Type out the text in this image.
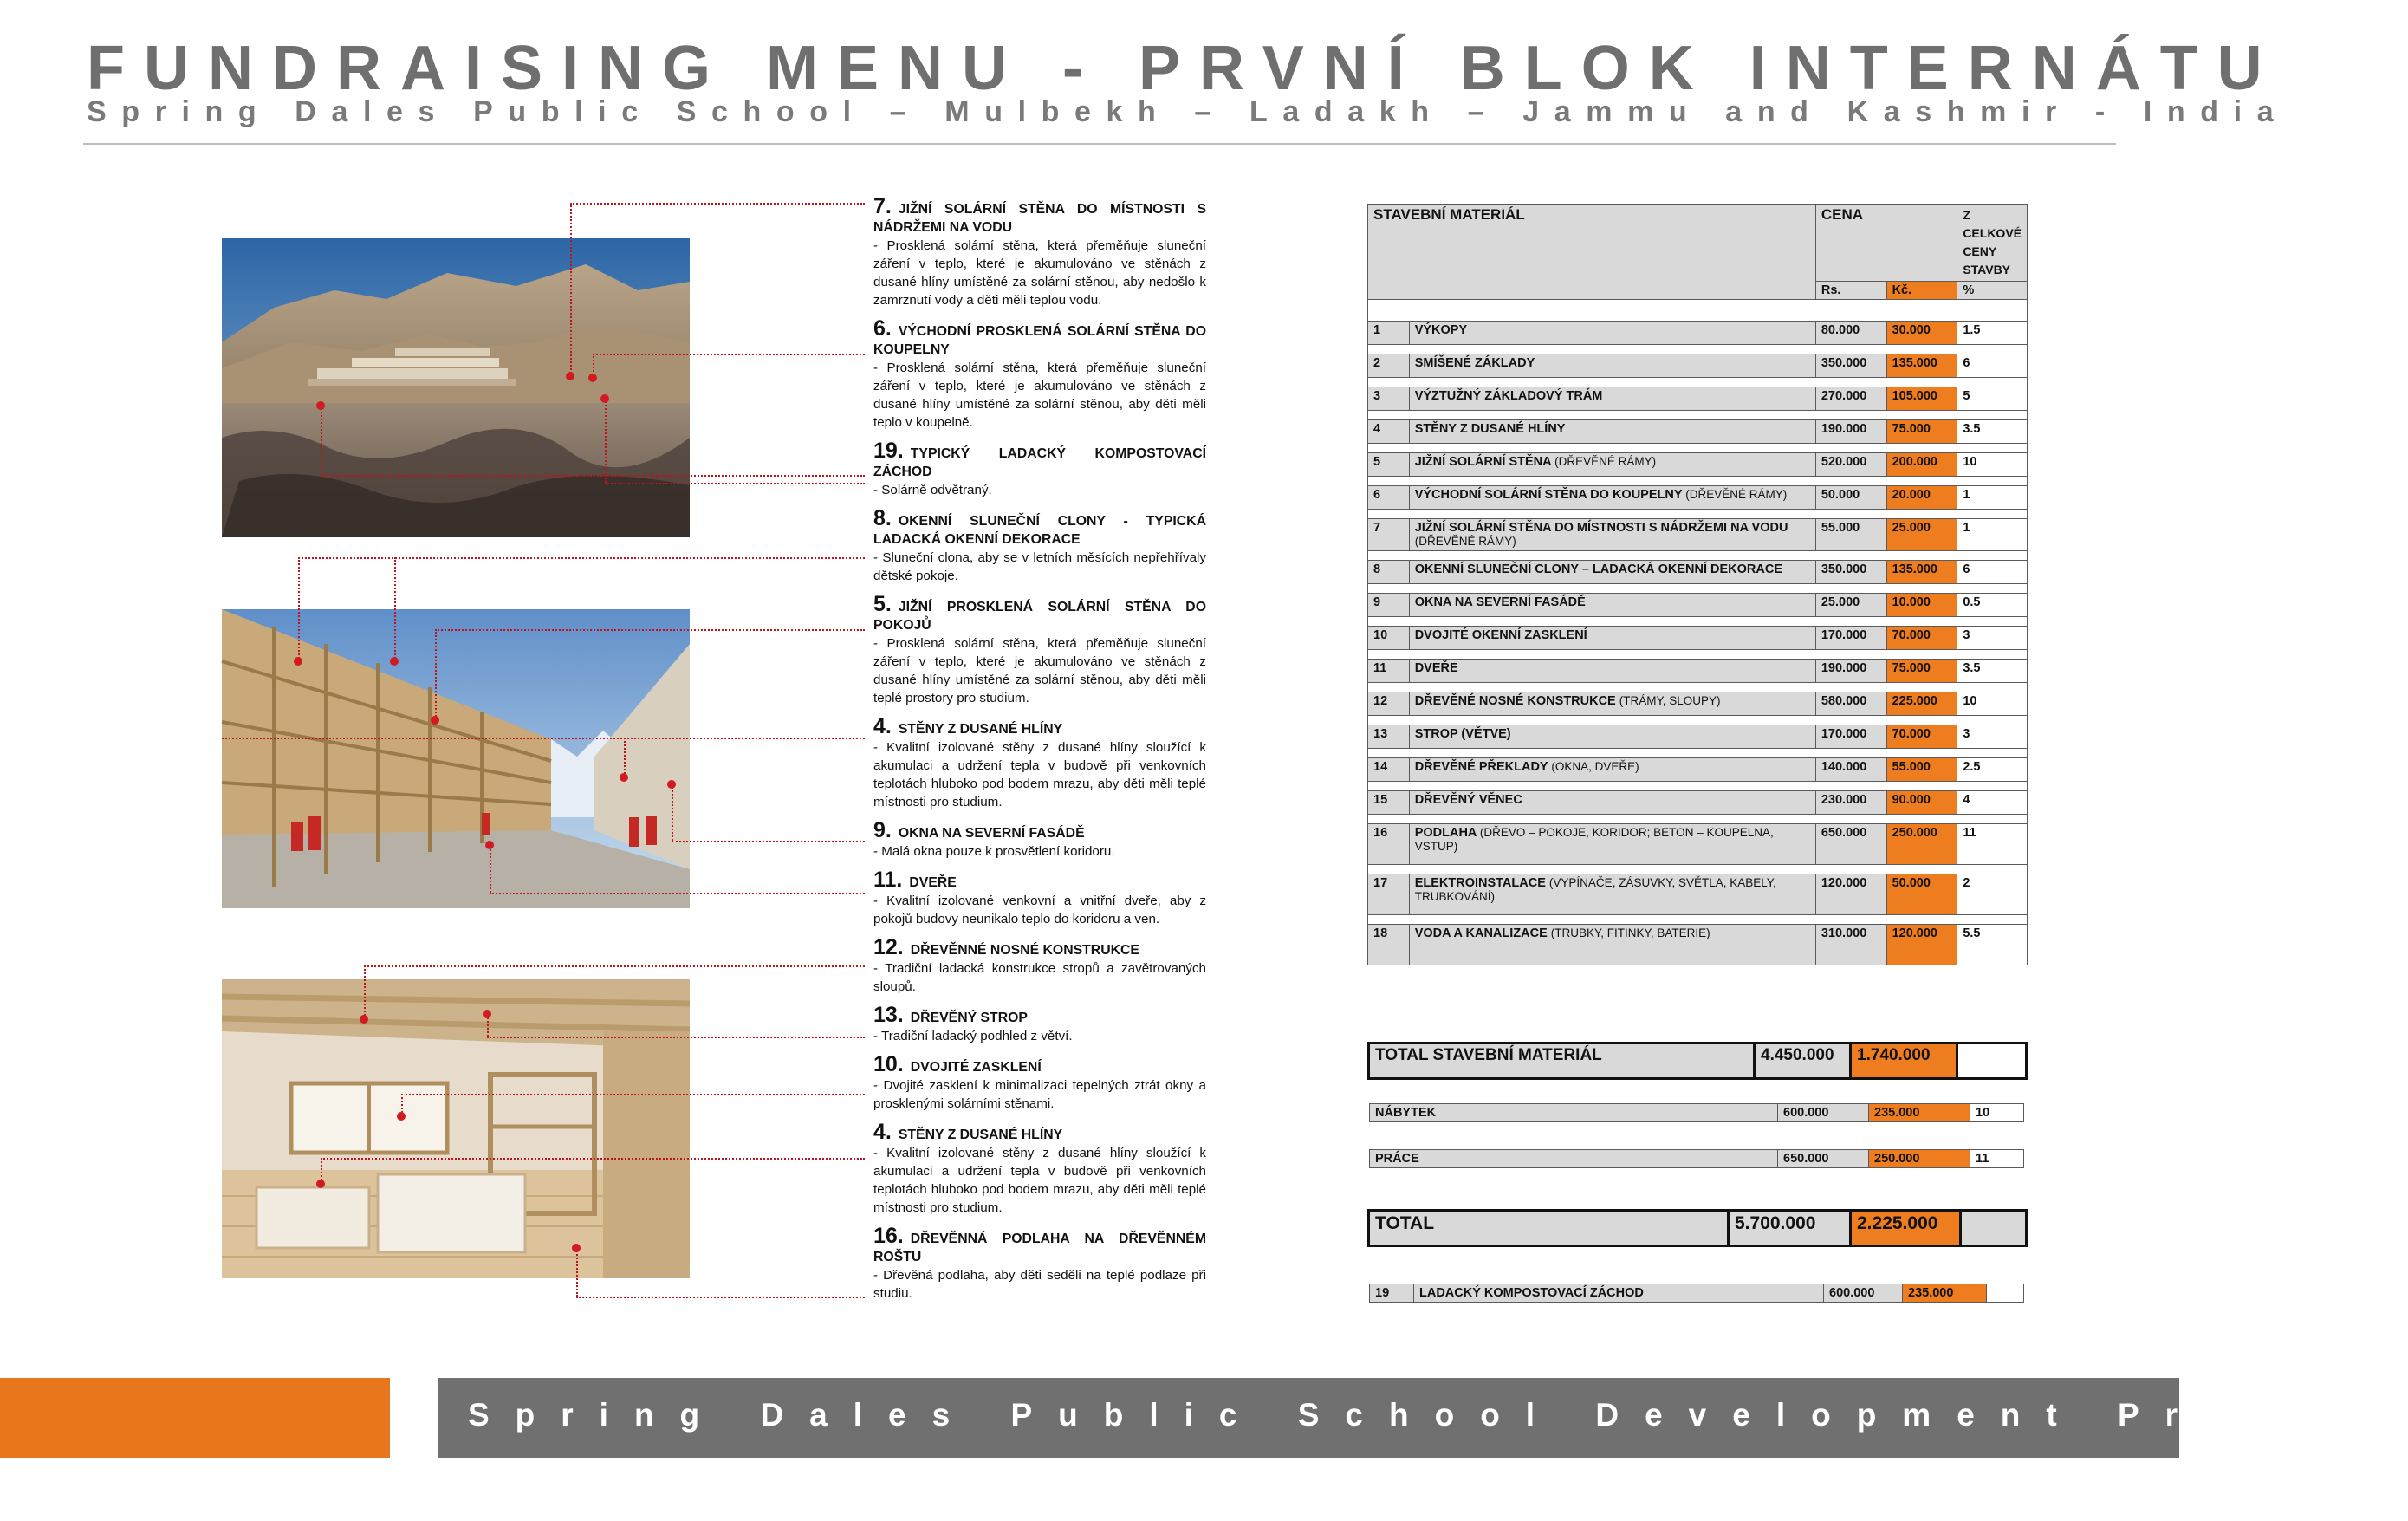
FUNDRAISING MENU - PRVNÍ BLOK INTERNÁTU
Spring Dales Public School – Mulbekh – Ladakh – Jammu and Kashmir - India
7. JIŽNÍ SOLÁRNÍ STĚNA DO MÍSTNOSTI S NÁDRŽEMI NA VODU
- Prosklená solární stěna, která přeměňuje sluneční záření v teplo, které je akumulováno ve stěnách z dusané hlíny umístěné za solární stěnou, aby nedošlo k zamrznutí vody a děti měli teplou vodu.
6. VÝCHODNÍ PROSKLENÁ SOLÁRNÍ STĚNA DO KOUPELNY
- Prosklená solární stěna, která přeměňuje sluneční záření v teplo, které je akumulováno ve stěnách z dusané hlíny umístěné za solární stěnou, aby děti měli teplo v koupelně.
19. TYPICKÝ LADACKÝ KOMPOSTOVACÍ ZÁCHOD
- Solárně odvětraný.
8. OKENNÍ SLUNEČNÍ CLONY - TYPICKÁ LADACKÁ OKENNÍ DEKORACE
- Sluneční clona, aby se v letních měsících nepřehřívaly dětské pokoje.
5. JIŽNÍ PROSKLENÁ SOLÁRNÍ STĚNA DO POKOJŮ
- Prosklená solární stěna, která přeměňuje sluneční záření v teplo, které je akumulováno ve stěnách z dusané hlíny umístěné za solární stěnou, aby děti měli teplé prostory pro studium.
4. STĚNY Z DUSANÉ HLÍNY
- Kvalitní izolované stěny z dusané hlíny sloužící k akumulaci a udržení tepla v budově při venkovních teplotách hluboko pod bodem mrazu, aby děti měli teplé místnosti pro studium.
9. OKNA NA SEVERNÍ FASÁDĚ
- Malá okna pouze k prosvětlení koridoru.
11. DVEŘE
- Kvalitní izolované venkovní a vnitřní dveře, aby z pokojů budovy neunikalo teplo do koridoru a ven.
12. DŘEVĚNNÉ NOSNÉ KONSTRUKCE
- Tradiční ladacká konstrukce stropů a zavětrovaných sloupů.
13. DŘEVĚNÝ STROP
- Tradiční ladacký podhled z větví.
10. DVOJITÉ ZASKLENÍ
- Dvojité zasklení k minimalizaci tepelných ztrát okny a prosklenými solárními stěnami.
4. STĚNY Z DUSANÉ HLÍNY
- Kvalitní izolované stěny z dusané hlíny sloužící k akumulaci a udržení tepla v budově při venkovních teplotách hluboko pod bodem mrazu, aby děti měli teplé místnosti pro studium.
16. DŘEVĚNNÁ PODLAHA NA DŘEVĚNNÉM ROŠTU
- Dřevěná podlaha, aby děti seděli na teplé podlaze při studiu.
STAVEBNÍ MATERIÁL		CENA		Z CELKOVÉ CENY STAVBY
		Rs.	Kč.	%

1	VÝKOPY	80.000	30.000	1.5

2	SMÍŠENÉ ZÁKLADY	350.000	135.000	6

3	VÝZTUŽNÝ ZÁKLADOVÝ TRÁM	270.000	105.000	5

4	STĚNY Z DUSANÉ HLÍNY	190.000	75.000	3.5

5	JIŽNÍ SOLÁRNÍ STĚNA (DŘEVĚNÉ RÁMY)	520.000	200.000	10

6	VÝCHODNÍ SOLÁRNÍ STĚNA DO KOUPELNY (DŘEVĚNÉ RÁMY)	50.000	20.000	1

7	JIŽNÍ SOLÁRNÍ STĚNA DO MÍSTNOSTI S NÁDRŽEMI NA VODU (DŘEVĚNÉ RÁMY)	55.000	25.000	1

8	OKENNÍ SLUNEČNÍ CLONY – LADACKÁ OKENNÍ DEKORACE	350.000	135.000	6

9	OKNA NA SEVERNÍ FASÁDĚ	25.000	10.000	0.5

10	DVOJITÉ OKENNÍ ZASKLENÍ	170.000	70.000	3

11	DVEŘE	190.000	75.000	3.5

12	DŘEVĚNÉ NOSNÉ KONSTRUKCE (TRÁMY, SLOUPY)	580.000	225.000	10

13	STROP (VĚTVE)	170.000	70.000	3

14	DŘEVĚNÉ PŘEKLADY (OKNA, DVEŘE)	140.000	55.000	2.5

15	DŘEVĚNÝ VĚNEC	230.000	90.000	4

16	PODLAHA (DŘEVO – POKOJE, KORIDOR; BETON – KOUPELNA, VSTUP)	650.000	250.000	11

17	ELEKTROINSTALACE (VYPÍNAČE, ZÁSUVKY, SVĚTLA, KABELY, TRUBKOVÁNÍ)	120.000	50.000	2

18	VODA A KANALIZACE (TRUBKY, FITINKY, BATERIE)	310.000	120.000	5.5
TOTAL STAVEBNÍ MATERIÁL	4.450.000	1.740.000	
NÁBYTEK	600.000	235.000	10
PRÁCE	650.000	250.000	11
TOTAL	5.700.000	2.225.000	
19	LADACKÝ KOMPOSTOVACÍ ZÁCHOD	600.000	235.000	
Spring Dales Public School Development Project
